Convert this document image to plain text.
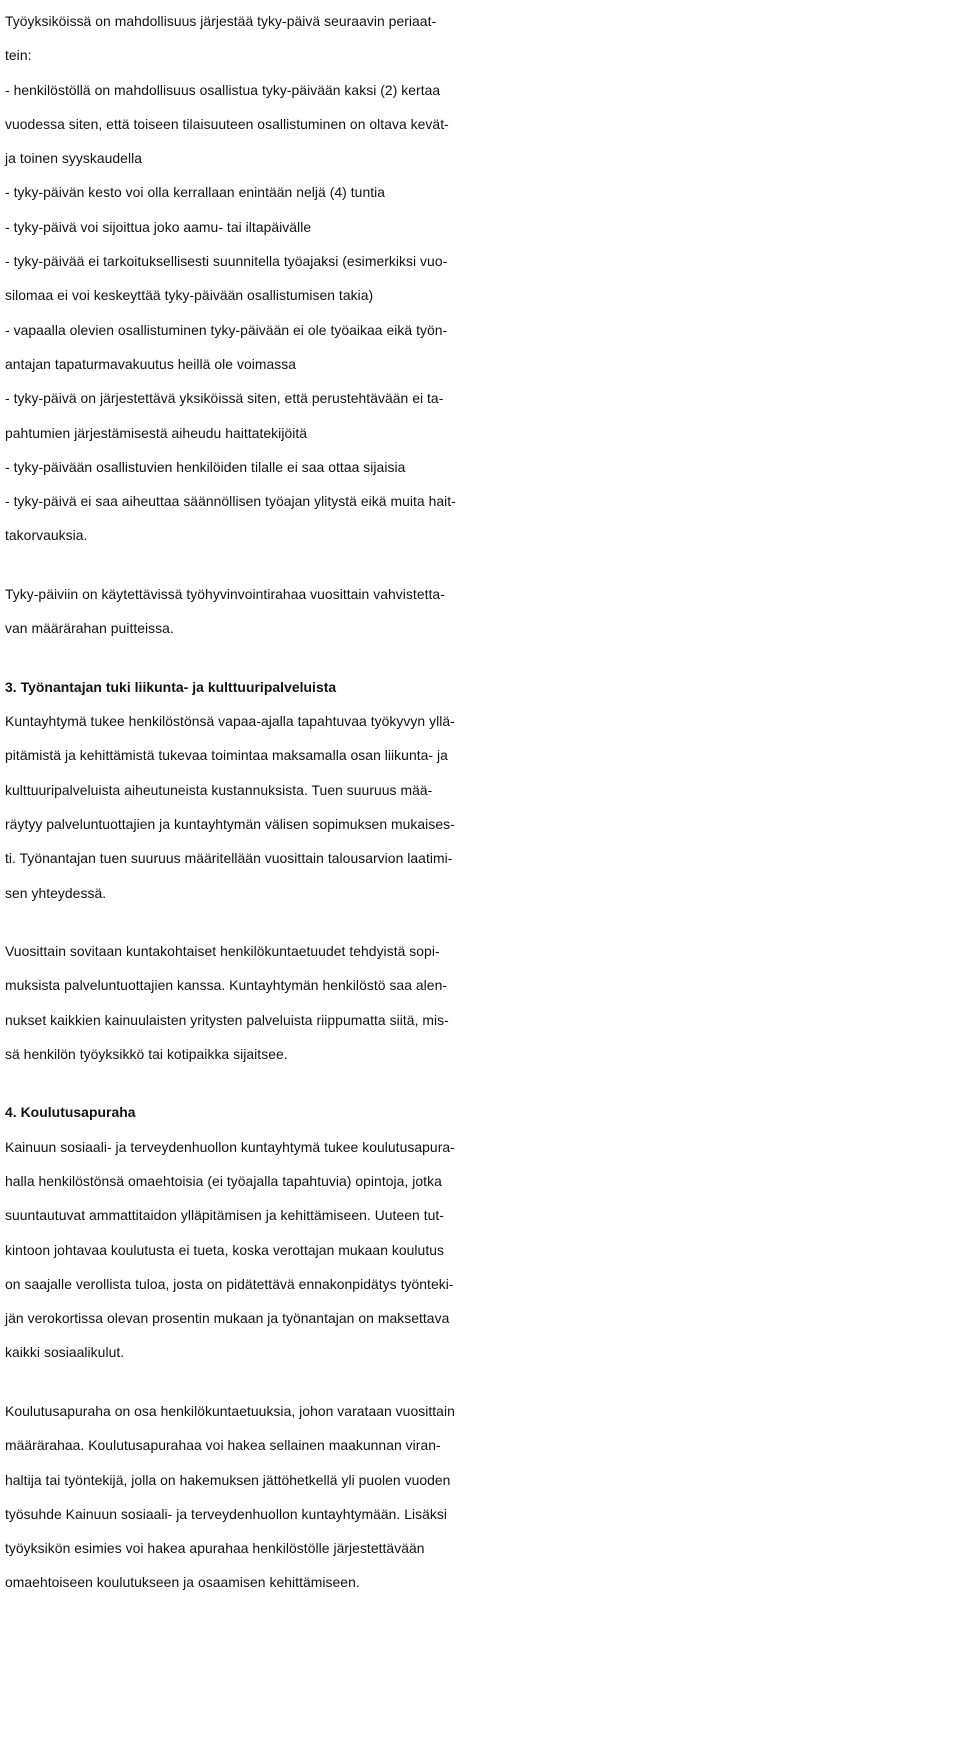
Työyksiköissä on mahdollisuus järjestää tyky-päivä seuraavin periaat-
tein:
- henkilöstöllä on mahdollisuus osallistua tyky-päivään kaksi (2) kertaa
vuodessa siten, että toiseen tilaisuuteen osallistuminen on oltava kevät-
ja toinen syyskaudella
- tyky-päivän kesto voi olla kerrallaan enintään neljä (4) tuntia
- tyky-päivä voi sijoittua joko aamu- tai iltapäivälle
- tyky-päivää ei tarkoituksellisesti suunnitella työajaksi (esimerkiksi vuo-
silomaa ei voi keskeyttää tyky-päivään osallistumisen takia)
- vapaalla olevien osallistuminen tyky-päivään ei ole työaikaa eikä työn-
antajan tapaturmavakuutus heillä ole voimassa
- tyky-päivä on järjestettävä yksiköissä siten, että perustehtävään ei ta-
pahtumien järjestämisestä aiheudu haittatekijöitä
- tyky-päivään osallistuvien henkilöiden tilalle ei saa ottaa sijaisia
- tyky-päivä ei saa aiheuttaa säännöllisen työajan ylitystä eikä muita hait-
takorvauksia.
Tyky-päiviin on käytettävissä työhyvinvointirahaa vuosittain vahvistetta-
van määrärahan puitteissa.
3. Työnantajan tuki liikunta- ja kulttuuripalveluista
Kuntayhtymä tukee henkilöstönsä vapaa-ajalla tapahtuvaa työkyvyn yllä-
pitämistä ja kehittämistä tukevaa toimintaa maksamalla osan liikunta- ja
kulttuuripalveluista aiheutuneista kustannuksista. Tuen suuruus mää-
räytyy palveluntuottajien ja kuntayhtymän välisen sopimuksen mukaises-
ti. Työnantajan tuen suuruus määritellään vuosittain talousarvion laatimi-
sen yhteydessä.
Vuosittain sovitaan kuntakohtaiset henkilökuntaetuudet tehdyistä sopi-
muksista palveluntuottajien kanssa. Kuntayhtymän henkilöstö saa alen-
nukset kaikkien kainuulaisten yritysten palveluista riippumatta siitä, mis-
sä henkilön työyksikkö tai kotipaikka sijaitsee.
4. Koulutusapuraha
Kainuun sosiaali- ja terveydenhuollon kuntayhtymä tukee koulutusapura-
halla henkilöstönsä omaehtoisia (ei työajalla tapahtuvia) opintoja, jotka
suuntautuvat ammattitaidon ylläpitämisen ja kehittämiseen. Uuteen tut-
kintoon johtavaa koulutusta ei tueta, koska verottajan mukaan koulutus
on saajalle verollista tuloa, josta on pidätettävä ennakonpidätys työnteki-
jän verokortissa olevan prosentin mukaan ja työnantajan on maksettava
kaikki sosiaalikulut.
Koulutusapuraha on osa henkilökuntaetuuksia, johon varataan vuosittain
määrärahaa. Koulutusapurahaa voi hakea sellainen maakunnan viran-
haltija tai työntekijä, jolla on hakemuksen jättöhetkellä yli puolen vuoden
työsuhde Kainuun sosiaali- ja terveydenhuollon kuntayhtymään. Lisäksi
työyksikön esimies voi hakea apurahaa henkilöstölle järjestettävään
omaehtoiseen koulutukseen ja osaamisen kehittämiseen.
